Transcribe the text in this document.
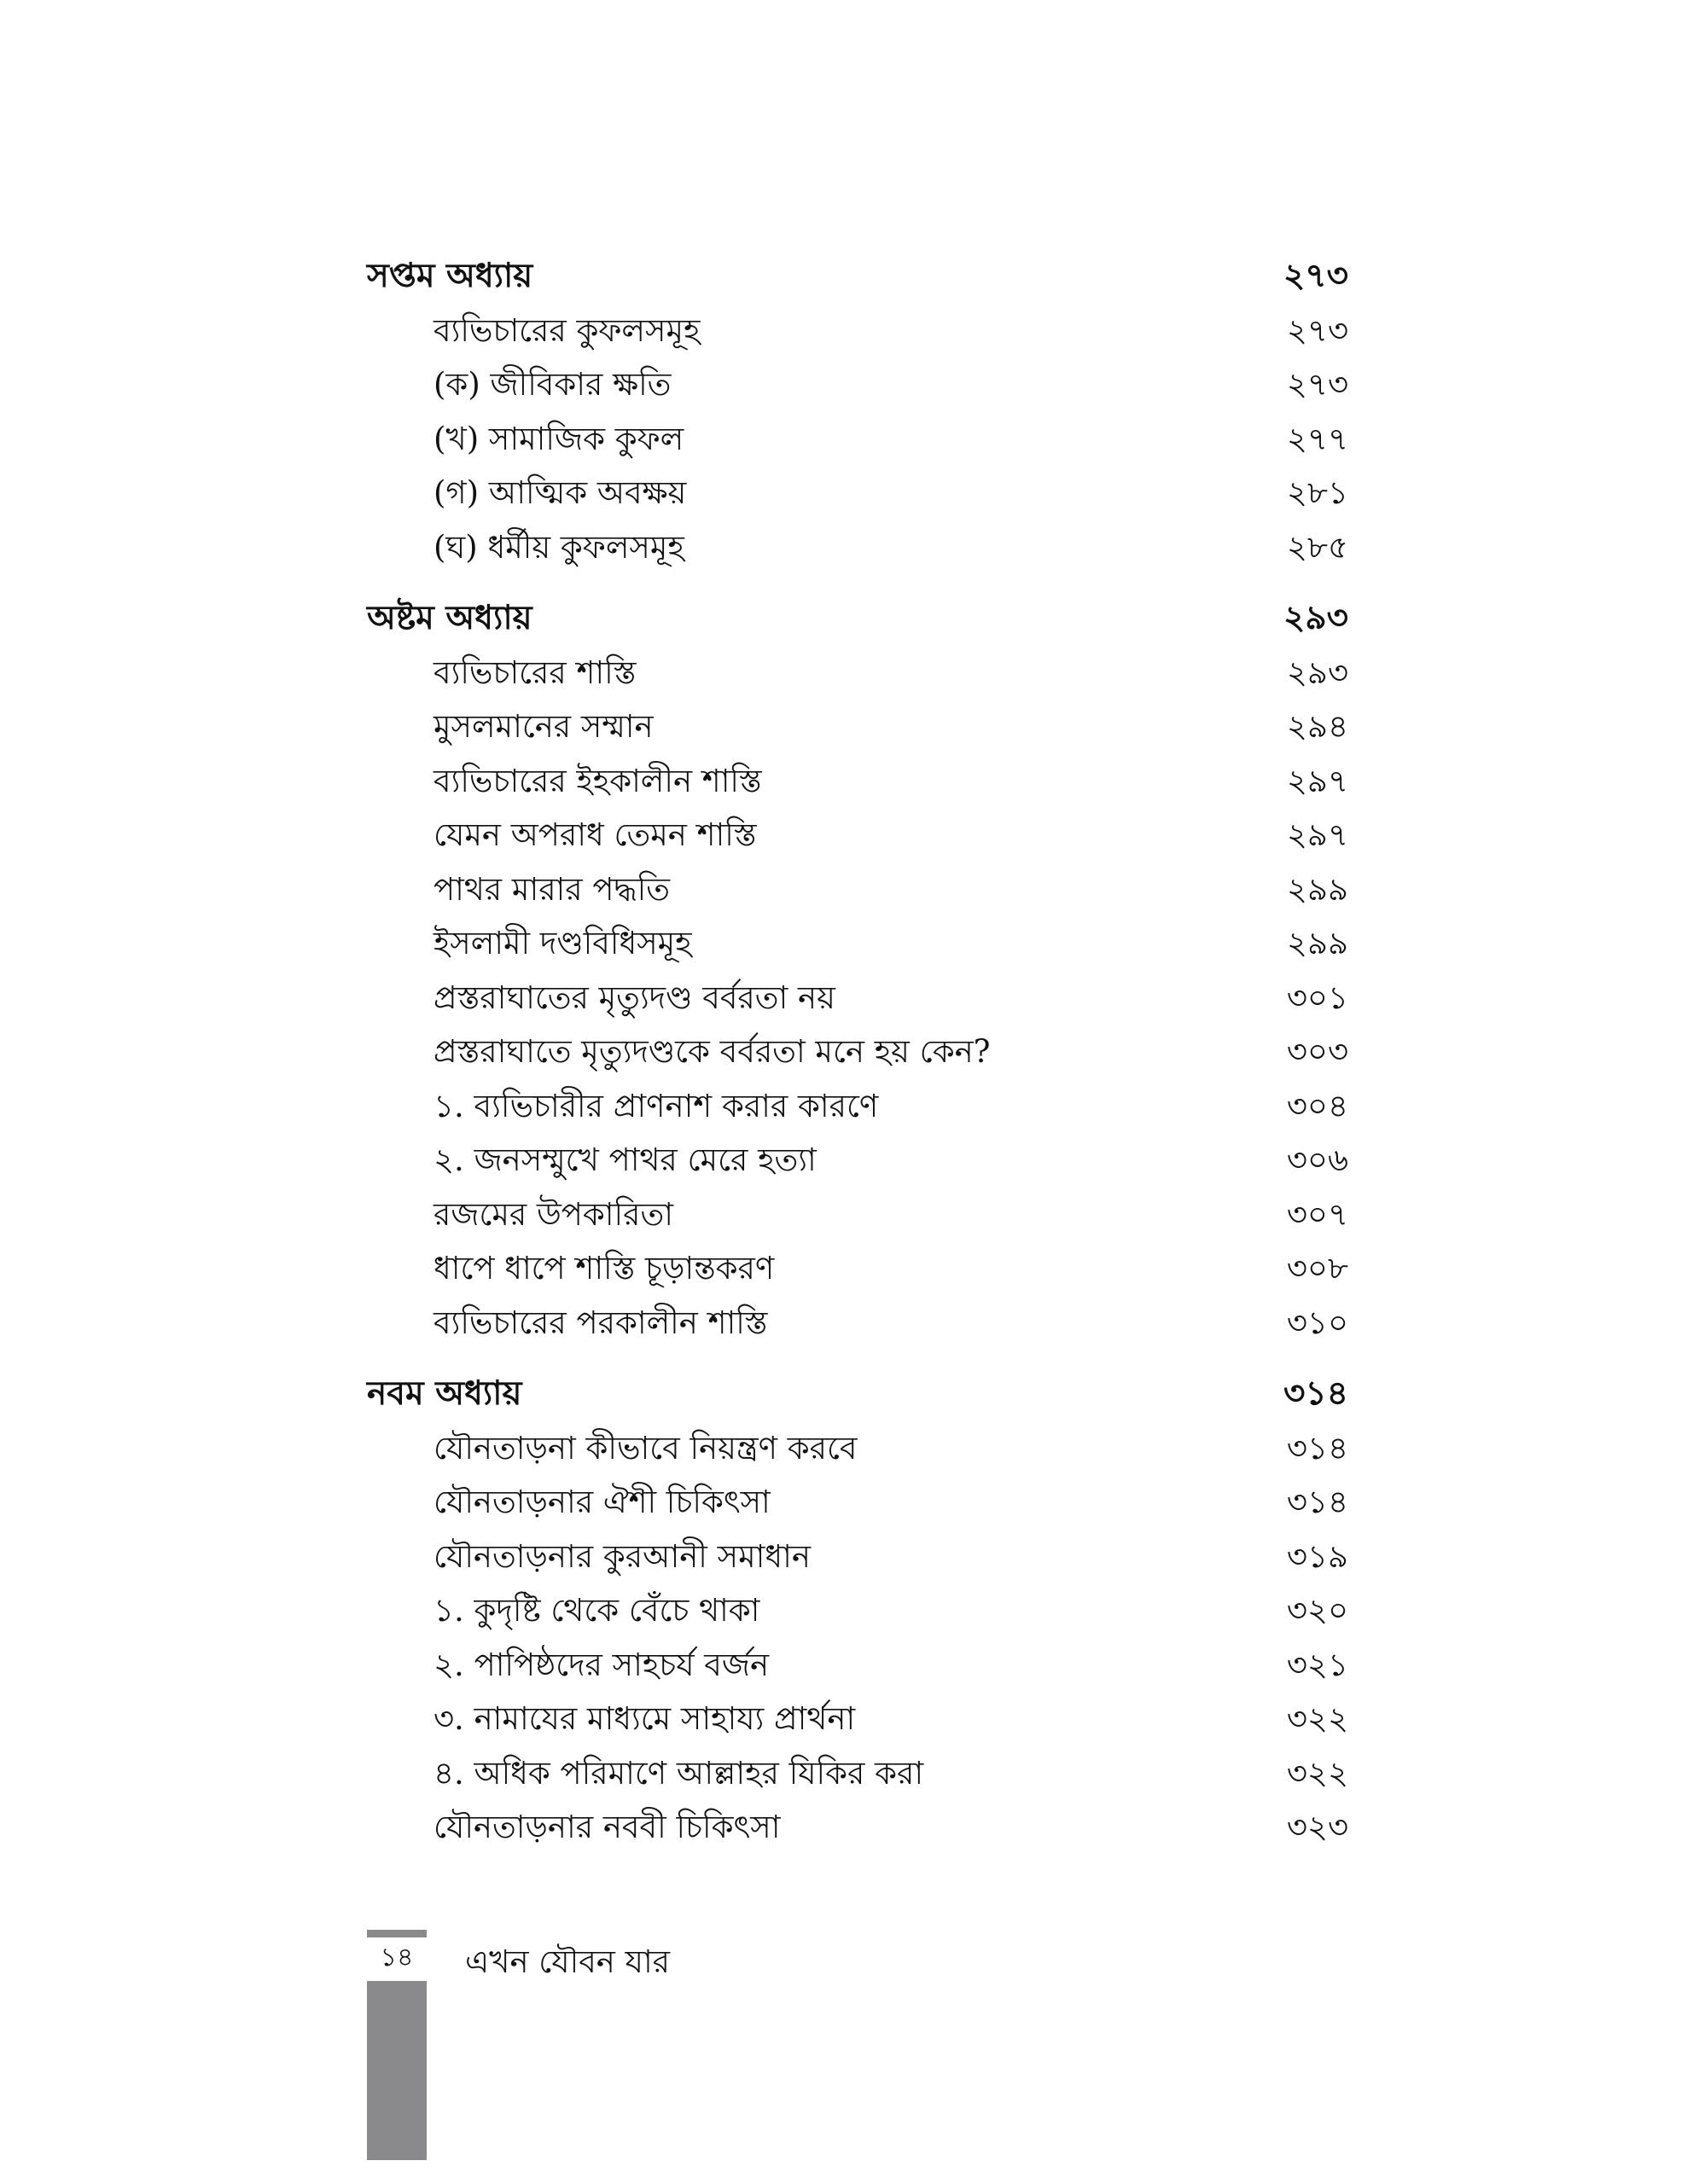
সপ্তম অধ্যায়	২৭৩
ব্যভিচারের কুফলসমূহ	২৭৩
(ক) জীবিকার ক্ষতি	২৭৩
(খ) সামাজিক কুফল	২৭৭
(গ) আত্মিক অবক্ষয়	২৮১
(ঘ) ধর্মীয় কুফলসমূহ	২৮৫
অষ্টম অধ্যায়	২৯৩
ব্যভিচারের শাস্তি	২৯৩
মুসলমানের সম্মান	২৯৪
ব্যভিচারের ইহকালীন শাস্তি	২৯৭
যেমন অপরাধ তেমন শাস্তি	২৯৭
পাথর মারার পদ্ধতি	২৯৯
ইসলামী দণ্ডবিধিসমূহ	২৯৯
প্রস্তরাঘাতের মৃত্যুদণ্ড বর্বরতা নয়	৩০১
প্রস্তরাঘাতে মৃত্যুদণ্ডকে বর্বরতা মনে হয় কেন?	৩০৩
১. ব্যভিচারীর প্রাণনাশ করার কারণে	৩০৪
২. জনসম্মুখে পাথর মেরে হত্যা	৩০৬
রজমের উপকারিতা	৩০৭
ধাপে ধাপে শাস্তি চূড়ান্তকরণ	৩০৮
ব্যভিচারের পরকালীন শাস্তি	৩১০
নবম অধ্যায়	৩১৪
যৌনতাড়না কীভাবে নিয়ন্ত্রণ করবে	৩১৪
যৌনতাড়নার ঐশী চিকিৎসা	৩১৪
যৌনতাড়নার কুরআনী সমাধান	৩১৯
১. কুদৃষ্টি থেকে বেঁচে থাকা	৩২০
২. পাপিষ্ঠদের সাহচর্য বর্জন	৩২১
৩. নামাযের মাধ্যমে সাহায্য প্রার্থনা	৩২২
৪. অধিক পরিমাণে আল্লাহর যিকির করা	৩২২
যৌনতাড়নার নববী চিকিৎসা	৩২৩
১৪	এখন যৌবন যার
